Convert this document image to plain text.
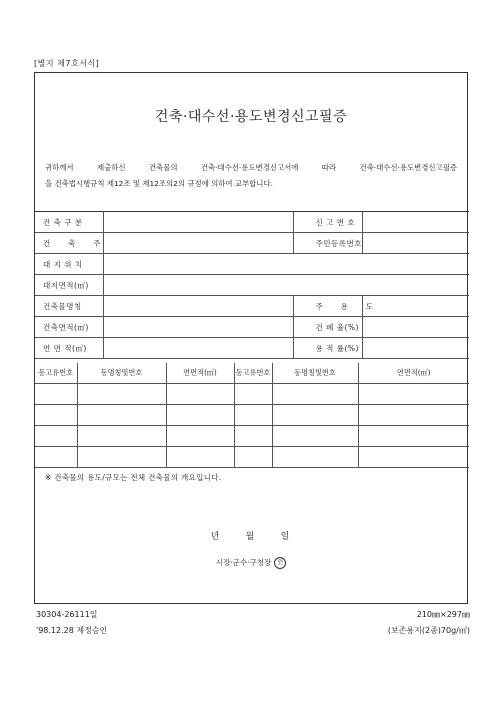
[별지 제7호서식]
건축·대수선·용도변경신고필증
귀하께서 제출하신 건축물의 건축·대수선·용도변경신고서에 따라 건축·대수선·용도변경신고필증
을 건축법시행규칙 제12조 및 제12조의2의 규정에 의하여 교부합니다.
건 축 구 분		신 고 번 호	
건      축      주		주민등록번호	
대 지 위 치			
대지면적(㎡)			
건축물명칭		주      용      도	
건축면적(㎡)		건 폐 율(%)	
연 면 적(㎡)		용 적 률(%)	
동고유번호	동명칭및번호	연면적(㎡)	동고유번호	동명칭및번호	연면적(㎡)

※ 건축물의 용도/규모는 전체 건축물의 개요입니다.
년     월     일
시장·군수·구청장 인
30304-26111일
'98.12.28 제정승인
210㎜×297㎜
(보존용지(2종)70g/㎡)
